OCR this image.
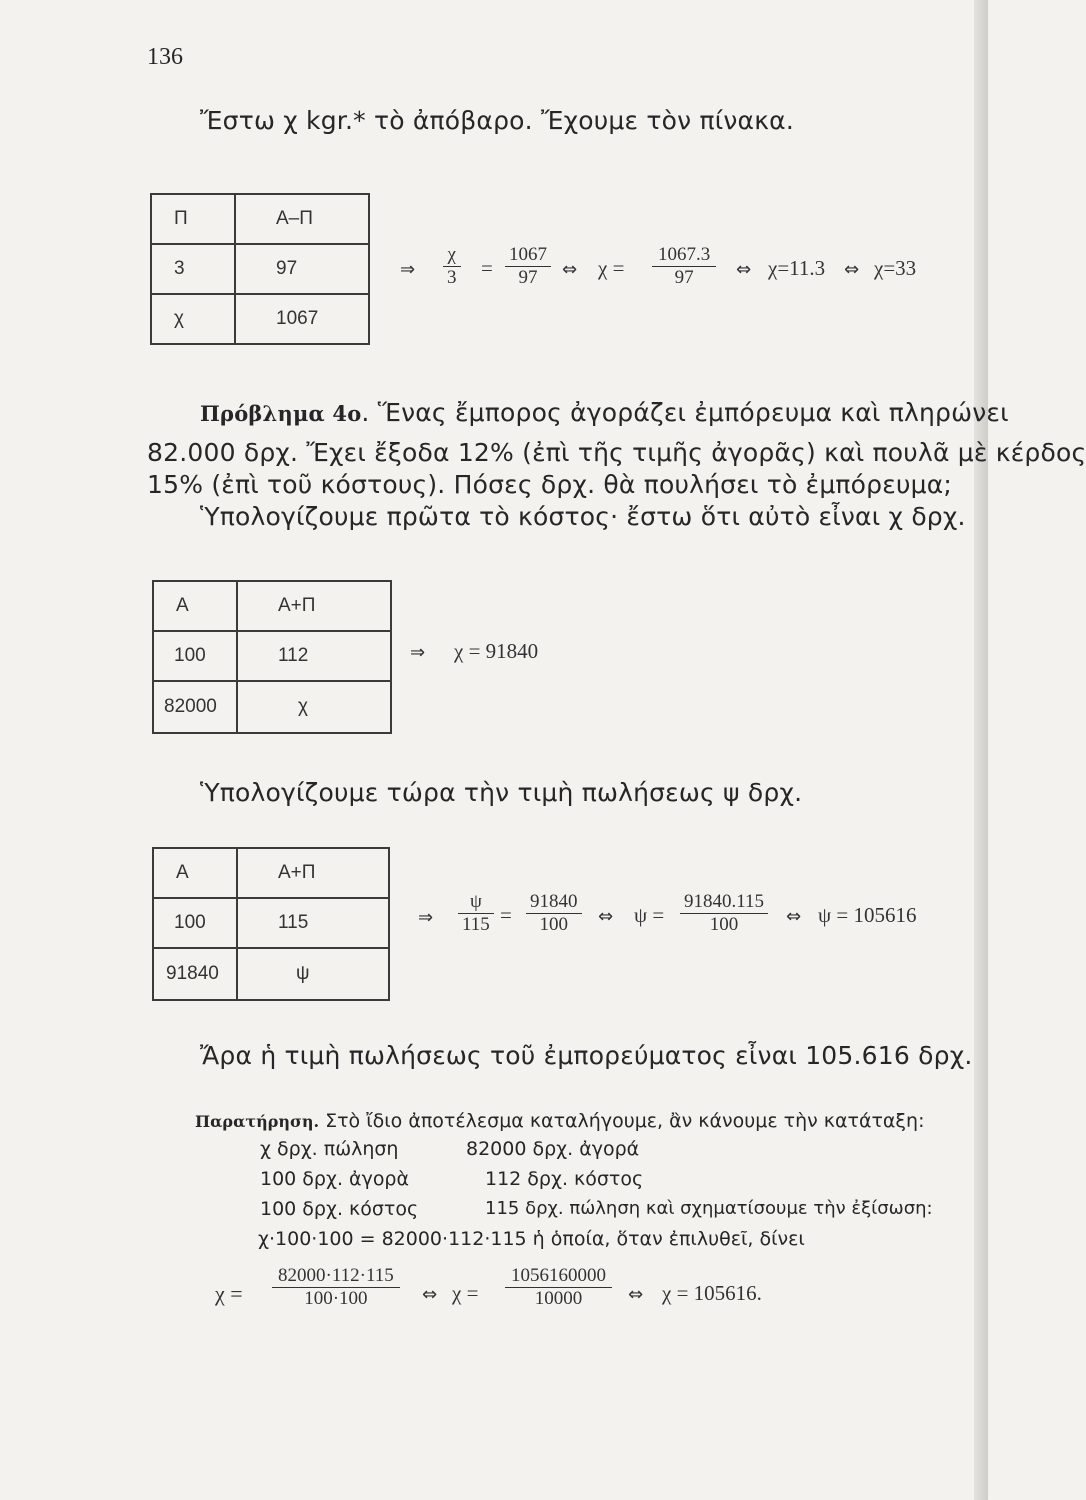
136
Ἔστω χ kgr.* τὸ ἀπόβαρο. Ἔχουμε τὸν πίνακα.
Π	Α–Π
3	97
χ	1067
⇒
χ
3 =
1067
97 ⇔ χ =
1067.3
97 ⇔ χ=11.3 ⇔ χ=33
Πρόβλημα 4ο. Ἕνας ἔμπορος ἀγοράζει ἐμπόρευμα καὶ πληρώνει
82.000 δρχ. Ἔχει ἔξοδα 12% (ἐπὶ τῆς τιμῆς ἀγορᾶς) καὶ πουλᾶ μὲ κέρδος
15% (ἐπὶ τοῦ κόστους). Πόσες δρχ. θὰ πουλήσει τὸ ἐμπόρευμα;
Ὑπολογίζουμε πρῶτα τὸ κόστος· ἔστω ὅτι αὐτὸ εἶναι χ δρχ.
Α	Α+Π
100	112
82000	χ
⇒ χ = 91840
Ὑπολογίζουμε τώρα τὴν τιμὴ πωλήσεως ψ δρχ.
Α	Α+Π
100	115
91840	ψ
⇒
ψ
115 =
91840
100 ⇔ ψ =
91840.115
100	⇔ ψ = 105616
Ἄρα ἡ τιμὴ πωλήσεως τοῦ ἐμπορεύματος εἶναι 105.616 δρχ.
Παρατήρηση. Στὸ ἴδιο ἀποτέλεσμα καταλήγουμε, ἂν κάνουμε τὴν κατάταξη:
χ δρχ. πώληση	82000 δρχ. ἀγορά
100 δρχ. ἀγορὰ	112 δρχ. κόστος
100 δρχ. κόστος	115 δρχ. πώληση καὶ σχηματίσουμε τὴν ἐξίσωση:
χ·100·100 = 82000·112·115 ἡ ὁποία, ὅταν ἐπιλυθεῖ, δίνει
χ =
82000·112·115
100·100	⇔ χ =
1056160000
10000	⇔ χ = 105616.
